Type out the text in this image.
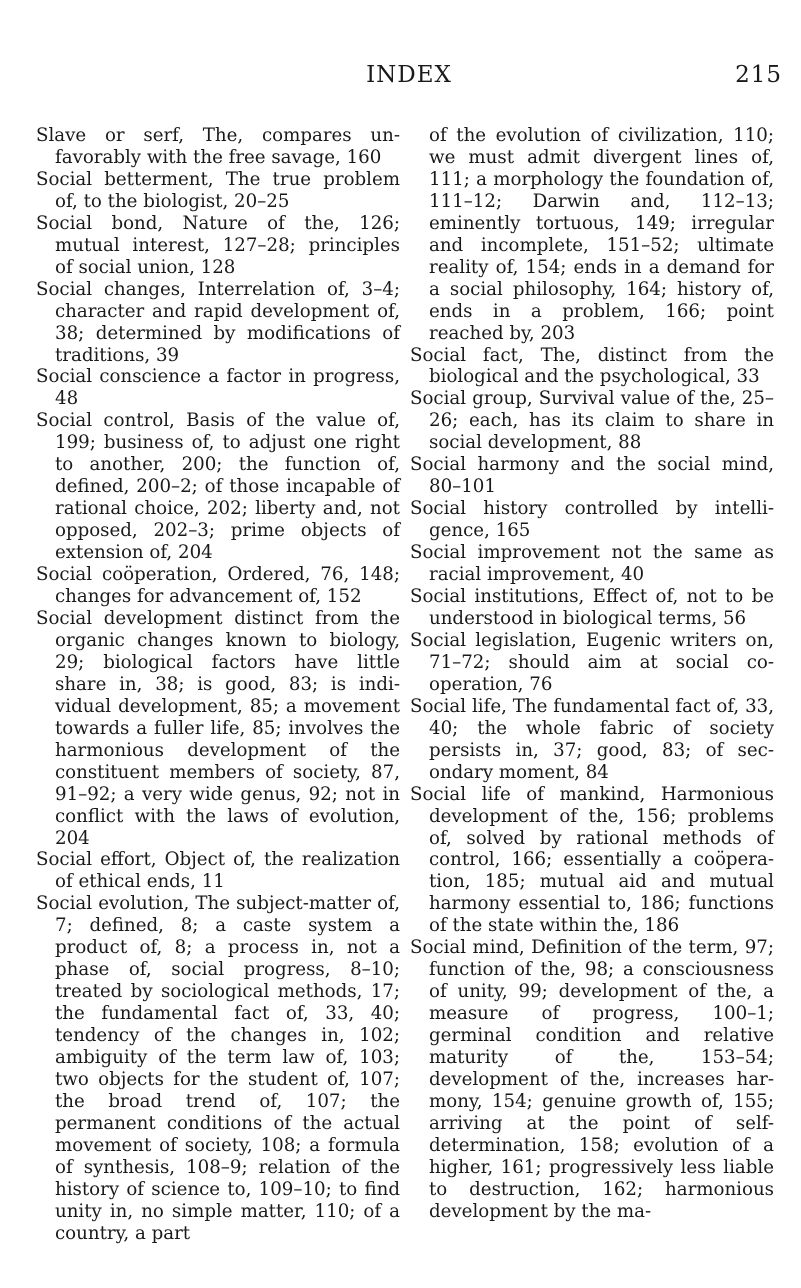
INDEX	215
Slave or serf, The, compares unfavorably with the free savage, 160
Social betterment, The true problem of, to the biologist, 20–25
Social bond, Nature of the, 126; mutual interest, 127–28; principles of social union, 128
Social changes, Interrelation of, 3–4; character and rapid development of, 38; determined by modifications of traditions, 39
Social conscience a factor in progress, 48
Social control, Basis of the value of, 199; business of, to adjust one right to another, 200; the function of, defined, 200–2; of those incapable of rational choice, 202; liberty and, not opposed, 202–3; prime objects of extension of, 204
Social coöperation, Ordered, 76, 148; changes for advancement of, 152
Social development distinct from the organic changes known to biology, 29; biological factors have little share in, 38; is good, 83; is individual development, 85; a movement towards a fuller life, 85; involves the harmonious development of the constituent members of society, 87, 91–92; a very wide genus, 92; not in conflict with the laws of evolution, 204
Social effort, Object of, the realization of ethical ends, 11
Social evolution, The subject-matter of, 7; defined, 8; a caste system a product of, 8; a process in, not a phase of, social progress, 8–10; treated by sociological methods, 17; the fundamental fact of, 33, 40; tendency of the changes in, 102; ambiguity of the term law of, 103; two objects for the student of, 107; the broad trend of, 107; the permanent conditions of the actual movement of society, 108; a formula of synthesis, 108–9; relation of the history of science to, 109–10; to find unity in, no simple matter, 110; of a country, a part
of the evolution of civilization, 110; we must admit divergent lines of, 111; a morphology the foundation of, 111–12; Darwin and, 112–13; eminently tortuous, 149; irregular and incomplete, 151–52; ultimate reality of, 154; ends in a demand for a social philosophy, 164; history of, ends in a problem, 166; point reached by, 203
Social fact, The, distinct from the biological and the psychological, 33
Social group, Survival value of the, 25–26; each, has its claim to share in social development, 88
Social harmony and the social mind, 80–101
Social history controlled by intelligence, 165
Social improvement not the same as racial improvement, 40
Social institutions, Effect of, not to be understood in biological terms, 56
Social legislation, Eugenic writers on, 71–72; should aim at social cooperation, 76
Social life, The fundamental fact of, 33, 40; the whole fabric of society persists in, 37; good, 83; of secondary moment, 84
Social life of mankind, Harmonious development of the, 156; problems of, solved by rational methods of control, 166; essentially a coöperation, 185; mutual aid and mutual harmony essential to, 186; functions of the state within the, 186
Social mind, Definition of the term, 97; function of the, 98; a consciousness of unity, 99; development of the, a measure of progress, 100–1; germinal condition and relative maturity of the, 153–54; development of the, increases harmony, 154; genuine growth of, 155; arriving at the point of self-determination, 158; evolution of a higher, 161; progressively less liable to destruction, 162; harmonious development by the ma-
